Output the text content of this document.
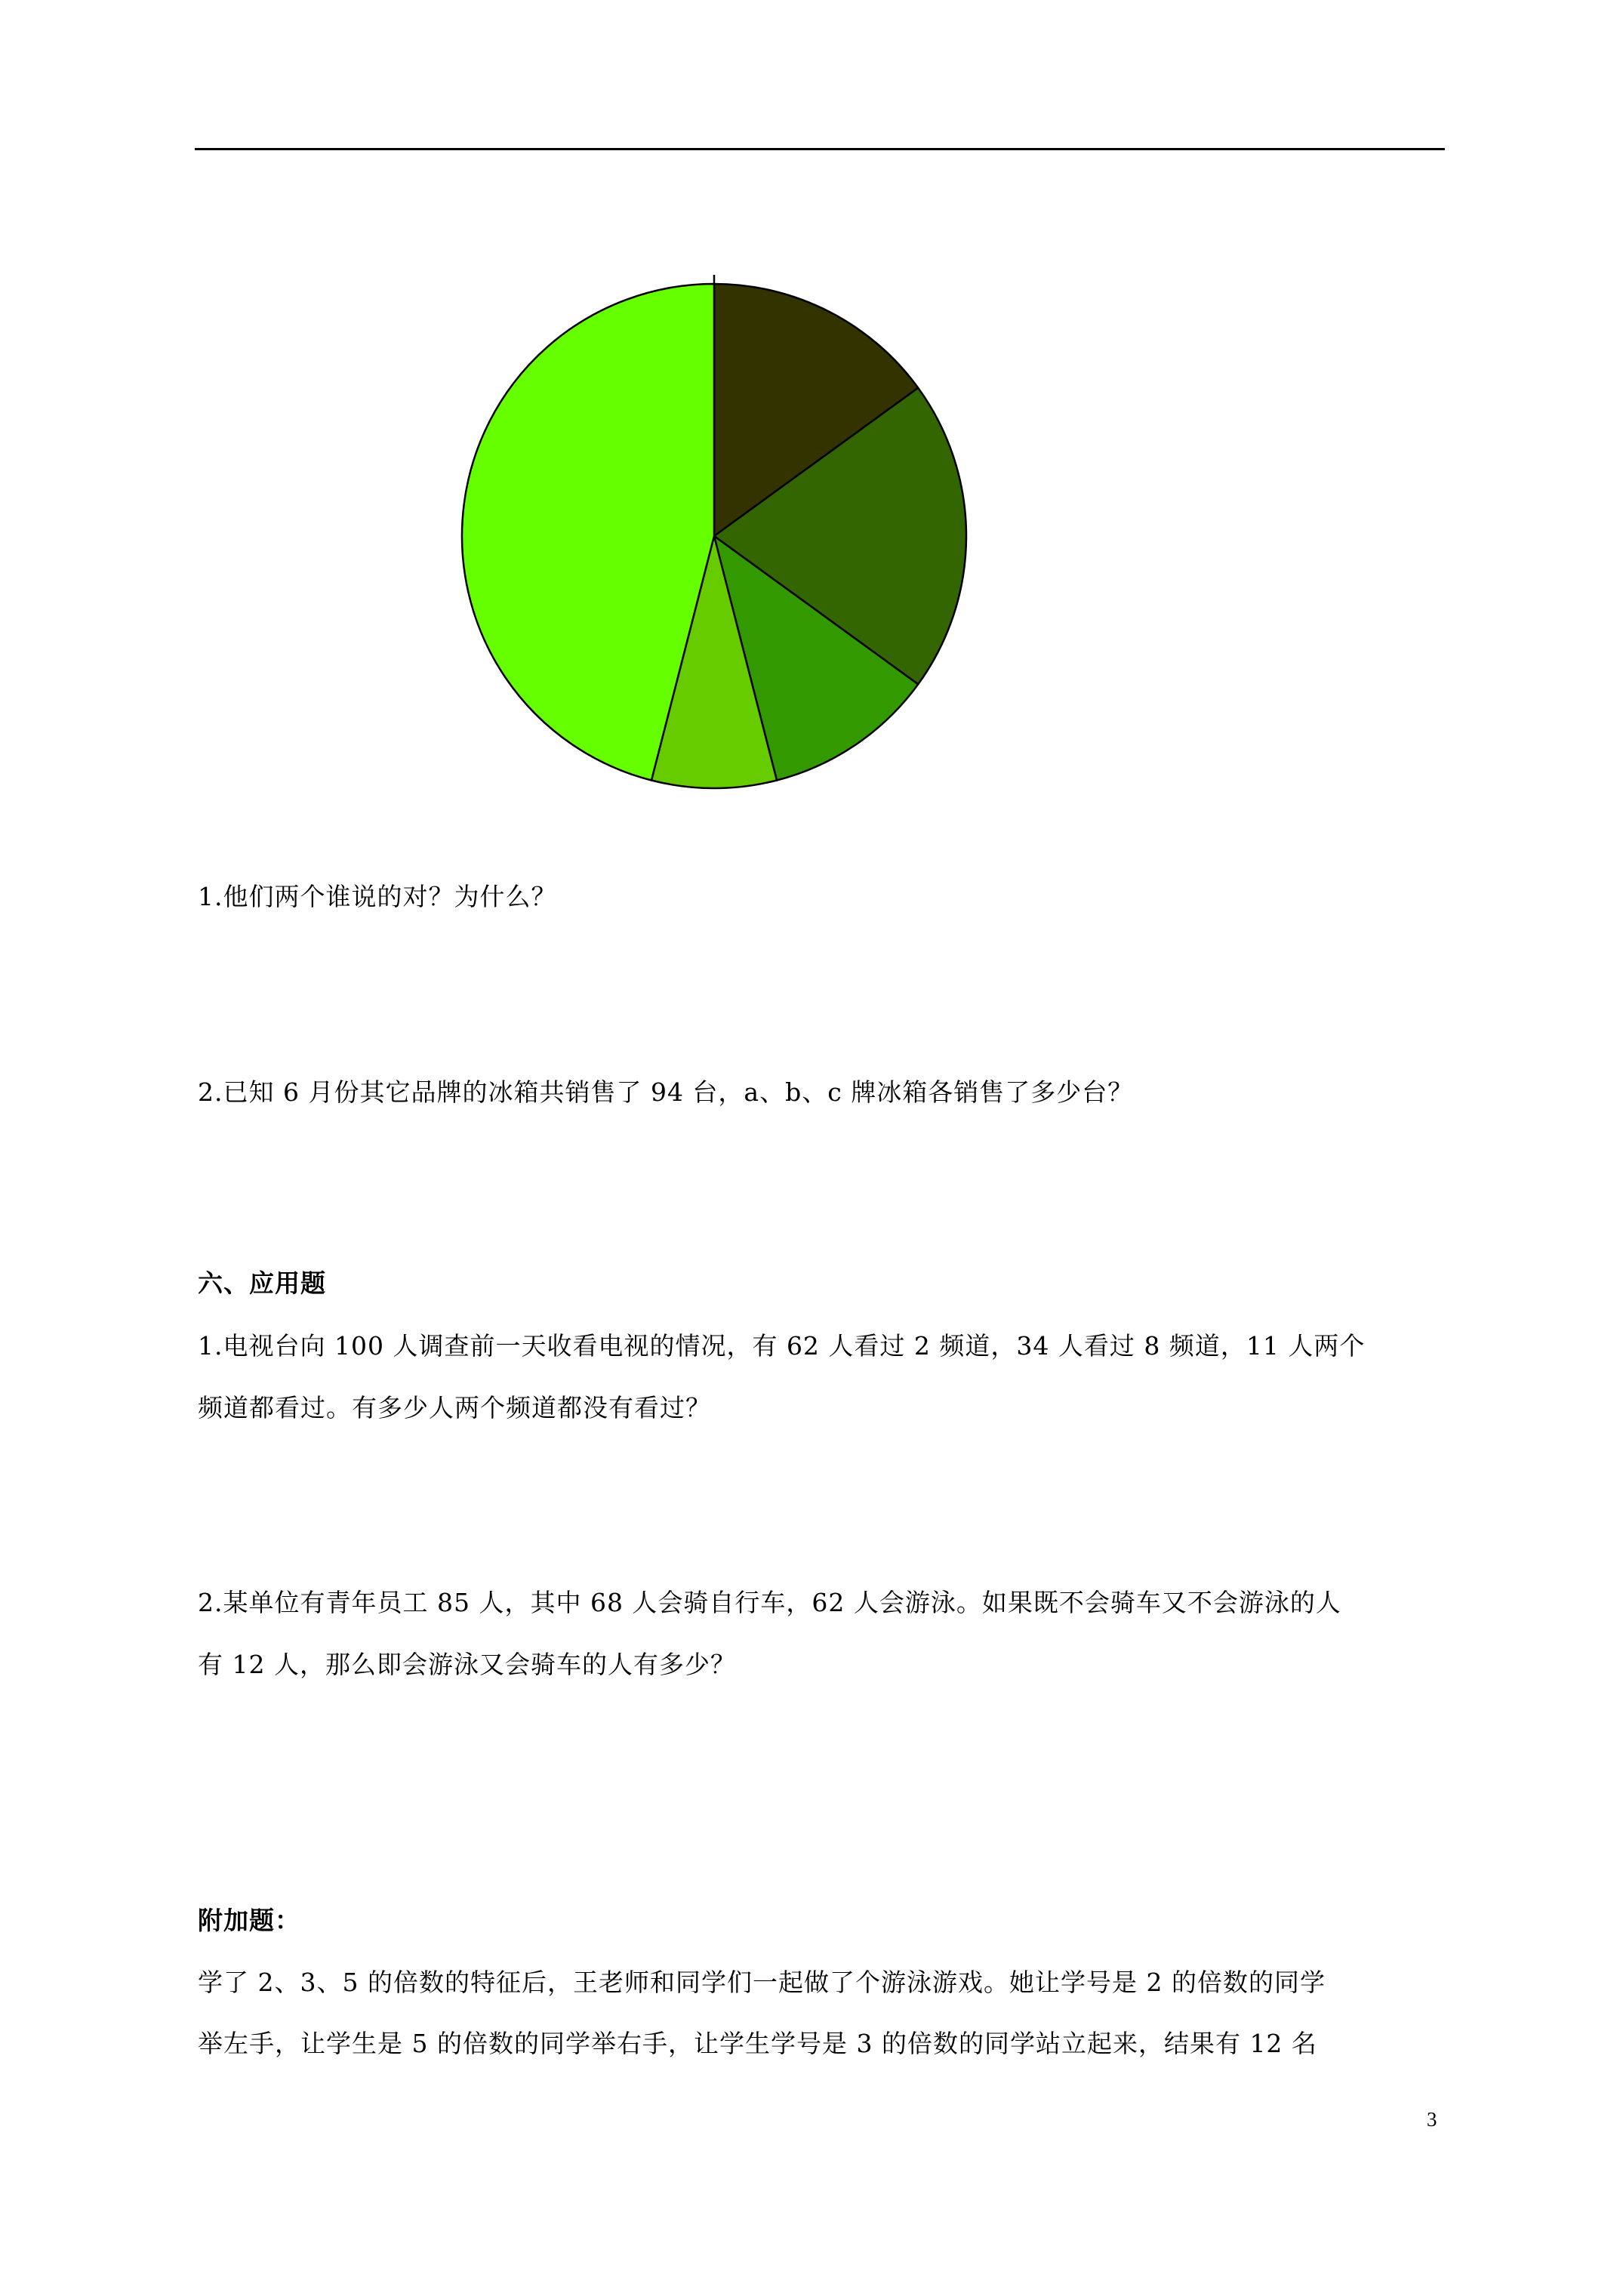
1.他们两个谁说的对？为什么？
2.已知 6 月份其它品牌的冰箱共销售了 94 台，a、b、c 牌冰箱各销售了多少台？
六、应用题
1.电视台向 100 人调查前一天收看电视的情况，有 62 人看过 2 频道，34 人看过 8 频道，11 人两个
频道都看过。有多少人两个频道都没有看过？
2.某单位有青年员工 85 人，其中 68 人会骑自行车，62 人会游泳。如果既不会骑车又不会游泳的人
有 12 人，那么即会游泳又会骑车的人有多少？
附加题：
学了 2、3、5 的倍数的特征后，王老师和同学们一起做了个游泳游戏。她让学号是 2 的倍数的同学
举左手，让学生是 5 的倍数的同学举右手，让学生学号是 3 的倍数的同学站立起来，结果有 12 名
3
